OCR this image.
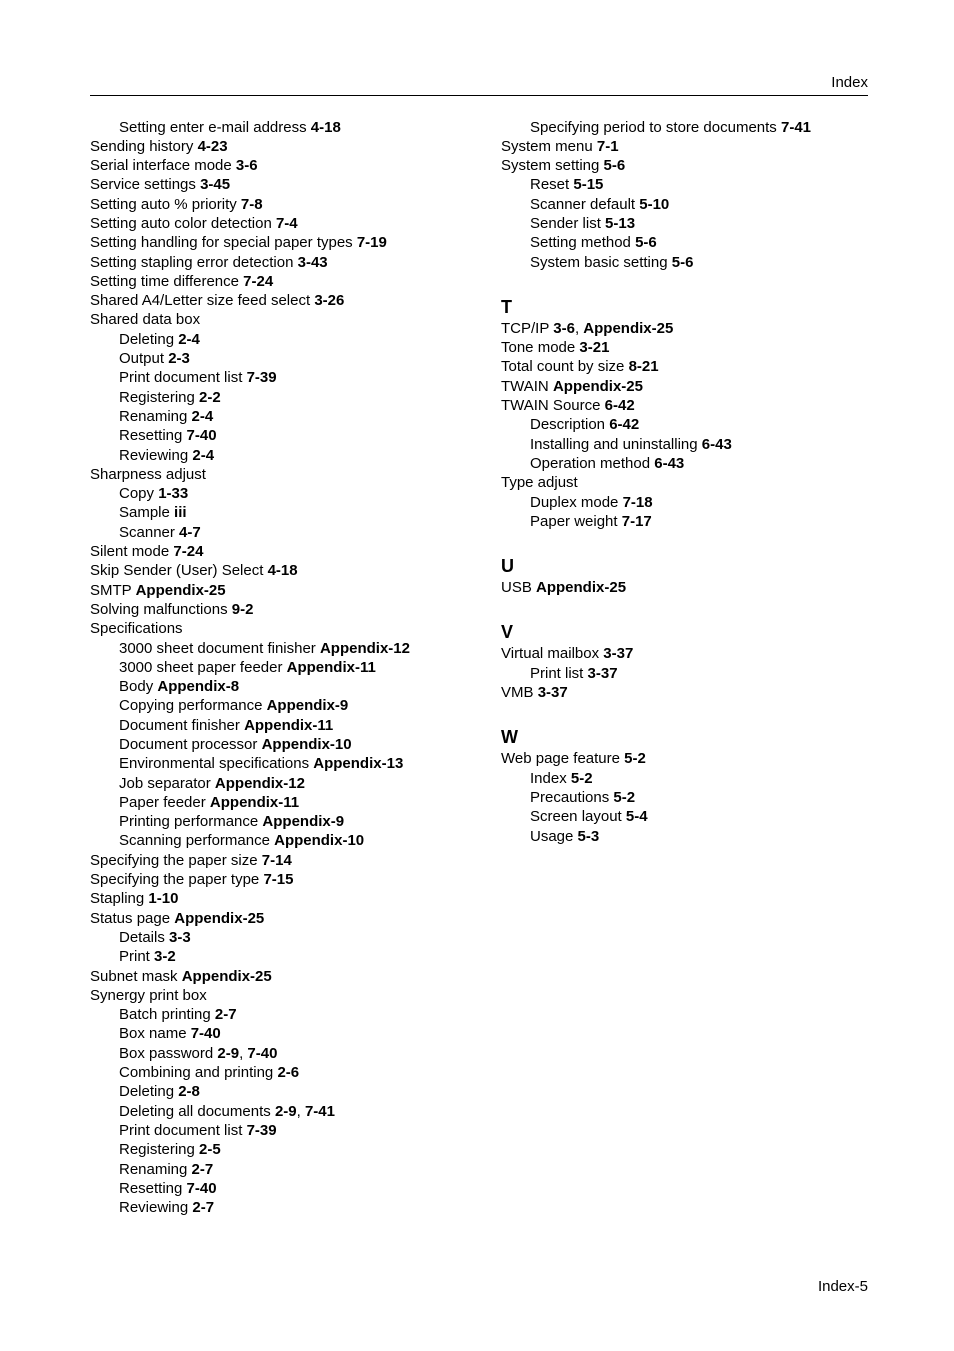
Index
Setting enter e-mail address 4-18
Sending history 4-23
Serial interface mode 3-6
Service settings 3-45
Setting auto % priority 7-8
Setting auto color detection 7-4
Setting handling for special paper types 7-19
Setting stapling error detection 3-43
Setting time difference 7-24
Shared A4/Letter size feed select 3-26
Shared data box
Deleting 2-4
Output 2-3
Print document list 7-39
Registering 2-2
Renaming 2-4
Resetting 7-40
Reviewing 2-4
Sharpness adjust
Copy 1-33
Sample iii
Scanner 4-7
Silent mode 7-24
Skip Sender (User) Select 4-18
SMTP Appendix-25
Solving malfunctions 9-2
Specifications
3000 sheet document finisher Appendix-12
3000 sheet paper feeder Appendix-11
Body Appendix-8
Copying performance Appendix-9
Document finisher Appendix-11
Document processor Appendix-10
Environmental specifications Appendix-13
Job separator Appendix-12
Paper feeder Appendix-11
Printing performance Appendix-9
Scanning performance Appendix-10
Specifying the paper size 7-14
Specifying the paper type 7-15
Stapling 1-10
Status page Appendix-25
Details 3-3
Print 3-2
Subnet mask Appendix-25
Synergy print box
Batch printing 2-7
Box name 7-40
Box password 2-9, 7-40
Combining and printing 2-6
Deleting 2-8
Deleting all documents 2-9, 7-41
Print document list 7-39
Registering 2-5
Renaming 2-7
Resetting 7-40
Reviewing 2-7
Specifying period to store documents 7-41
System menu 7-1
System setting 5-6
Reset 5-15
Scanner default 5-10
Sender list 5-13
Setting method 5-6
System basic setting 5-6
T
TCP/IP 3-6, Appendix-25
Tone mode 3-21
Total count by size 8-21
TWAIN Appendix-25
TWAIN Source 6-42
Description 6-42
Installing and uninstalling 6-43
Operation method 6-43
Type adjust
Duplex mode 7-18
Paper weight 7-17
U
USB Appendix-25
V
Virtual mailbox 3-37
Print list 3-37
VMB 3-37
W
Web page feature 5-2
Index 5-2
Precautions 5-2
Screen layout 5-4
Usage 5-3
Index-5
